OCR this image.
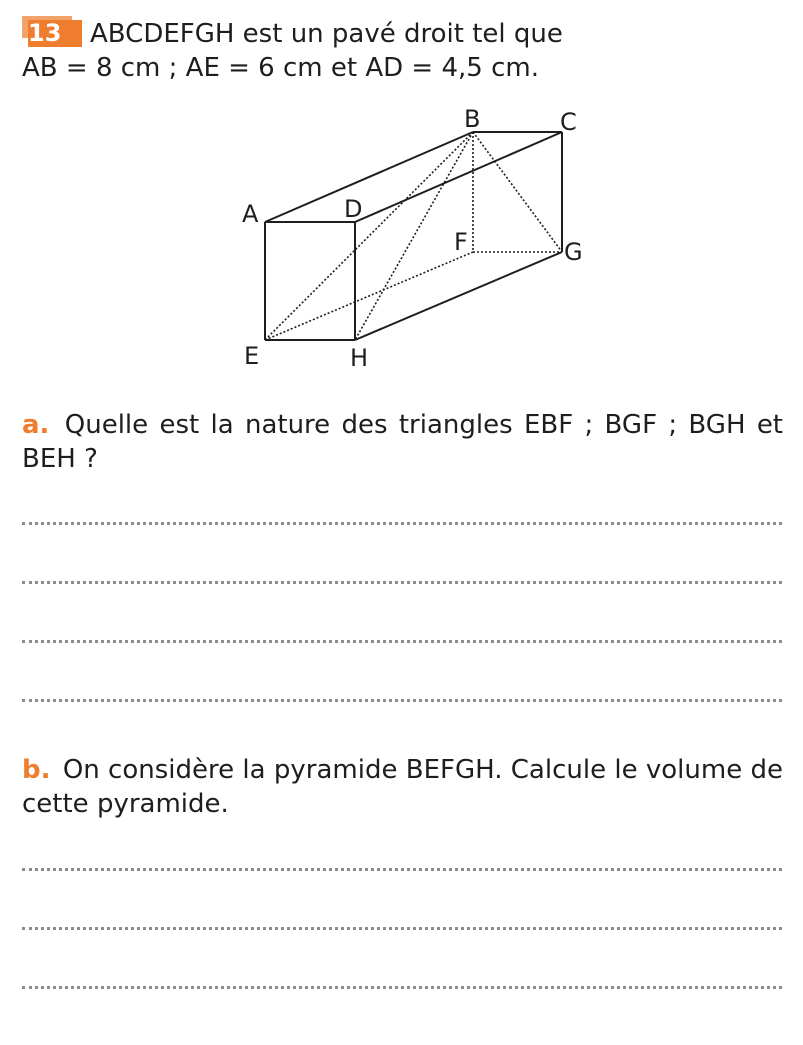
13	ABCDEFGH est un pavé droit tel que
AB = 8 cm ; AE = 6 cm et AD = 4,5 cm.

A
B	C
D
E
F	G
H

a. Quelle est la nature des triangles EBF ; BGF ; BGH et BEH ?

b. On considère la pyramide BEFGH. Calcule le volume de cette pyramide.
